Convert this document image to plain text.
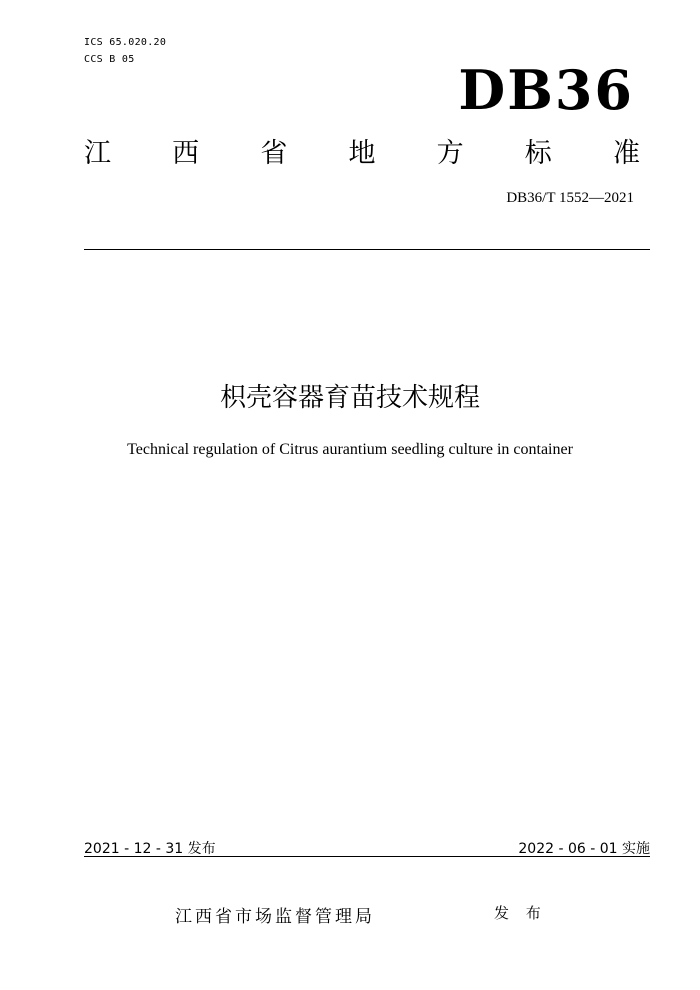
ICS 65.020.20
CCS B 05	DB36
江 西 省 地 方 标 准
DB36/T 1552—2021
枳壳容器育苗技术规程
Technical regulation of Citrus aurantium seedling culture in container
2021 - 12 - 31 发布	2022 - 06 - 01 实施
江西省市场监督管理局	发 布
